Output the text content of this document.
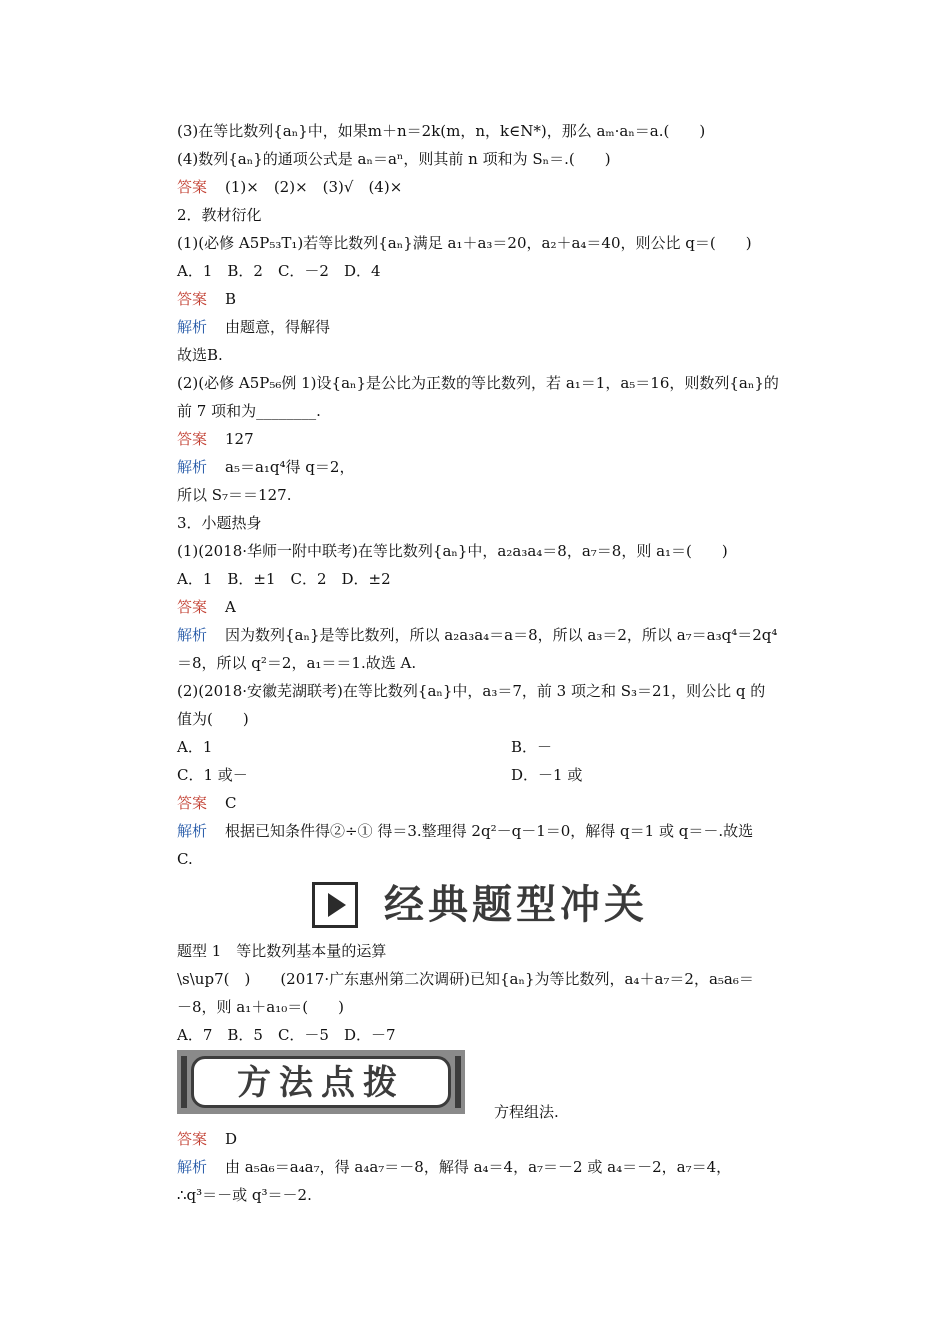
(3)在等比数列{aₙ}中，如果m＋n＝2k(m，n，k∈N*)，那么 aₘ·aₙ＝a.(　　)
(4)数列{aₙ}的通项公式是 aₙ＝aⁿ，则其前 n 项和为 Sₙ＝.(　　)
答案 (1)×　(2)×　(3)√　(4)×
2．教材衍化
(1)(必修 A5P₅₃T₁)若等比数列{aₙ}满足 a₁＋a₃＝20，a₂＋a₄＝40，则公比 q＝(　　)
A．1　B．2　C．－2　D．4
答案 B
解析 由题意，得解得
故选B.
(2)(必修 A5P₅₆例 1)设{aₙ}是公比为正数的等比数列，若 a₁＝1，a₅＝16，则数列{aₙ}的
前 7 项和为________.
答案 127
解析 a₅＝a₁q⁴得 q＝2，
所以 S₇＝＝127.
3．小题热身
(1)(2018·华师一附中联考)在等比数列{aₙ}中，a₂a₃a₄＝8，a₇＝8，则 a₁＝(　　)
A．1　B．±1　C．2　D．±2
答案 A
解析 因为数列{aₙ}是等比数列，所以 a₂a₃a₄＝a＝8，所以 a₃＝2，所以 a₇＝a₃q⁴＝2q⁴
＝8，所以 q²＝2，a₁＝＝1.故选 A.
(2)(2018·安徽芜湖联考)在等比数列{aₙ}中，a₃＝7，前 3 项之和 S₃＝21，则公比 q 的
值为(　　)
A．1	B．－
C．1 或－	D．－1 或
答案 C
解析 根据已知条件得②÷① 得＝3.整理得 2q²－q－1＝0，解得 q＝1 或 q＝－.故选
C.
经典题型冲关
题型 1　等比数列基本量的运算
\s\up7(　)　　(2017·广东惠州第二次调研)已知{aₙ}为等比数列，a₄＋a₇＝2，a₅a₆＝
－8，则 a₁＋a₁₀＝(　　)
A．7　B．5　C．－5　D．－7
方法点拨
方程组法.
答案 D
解析 由 a₅a₆＝a₄a₇，得 a₄a₇＝－8，解得 a₄＝4，a₇＝－2 或 a₄＝－2，a₇＝4，
∴q³＝－或 q³＝－2.
